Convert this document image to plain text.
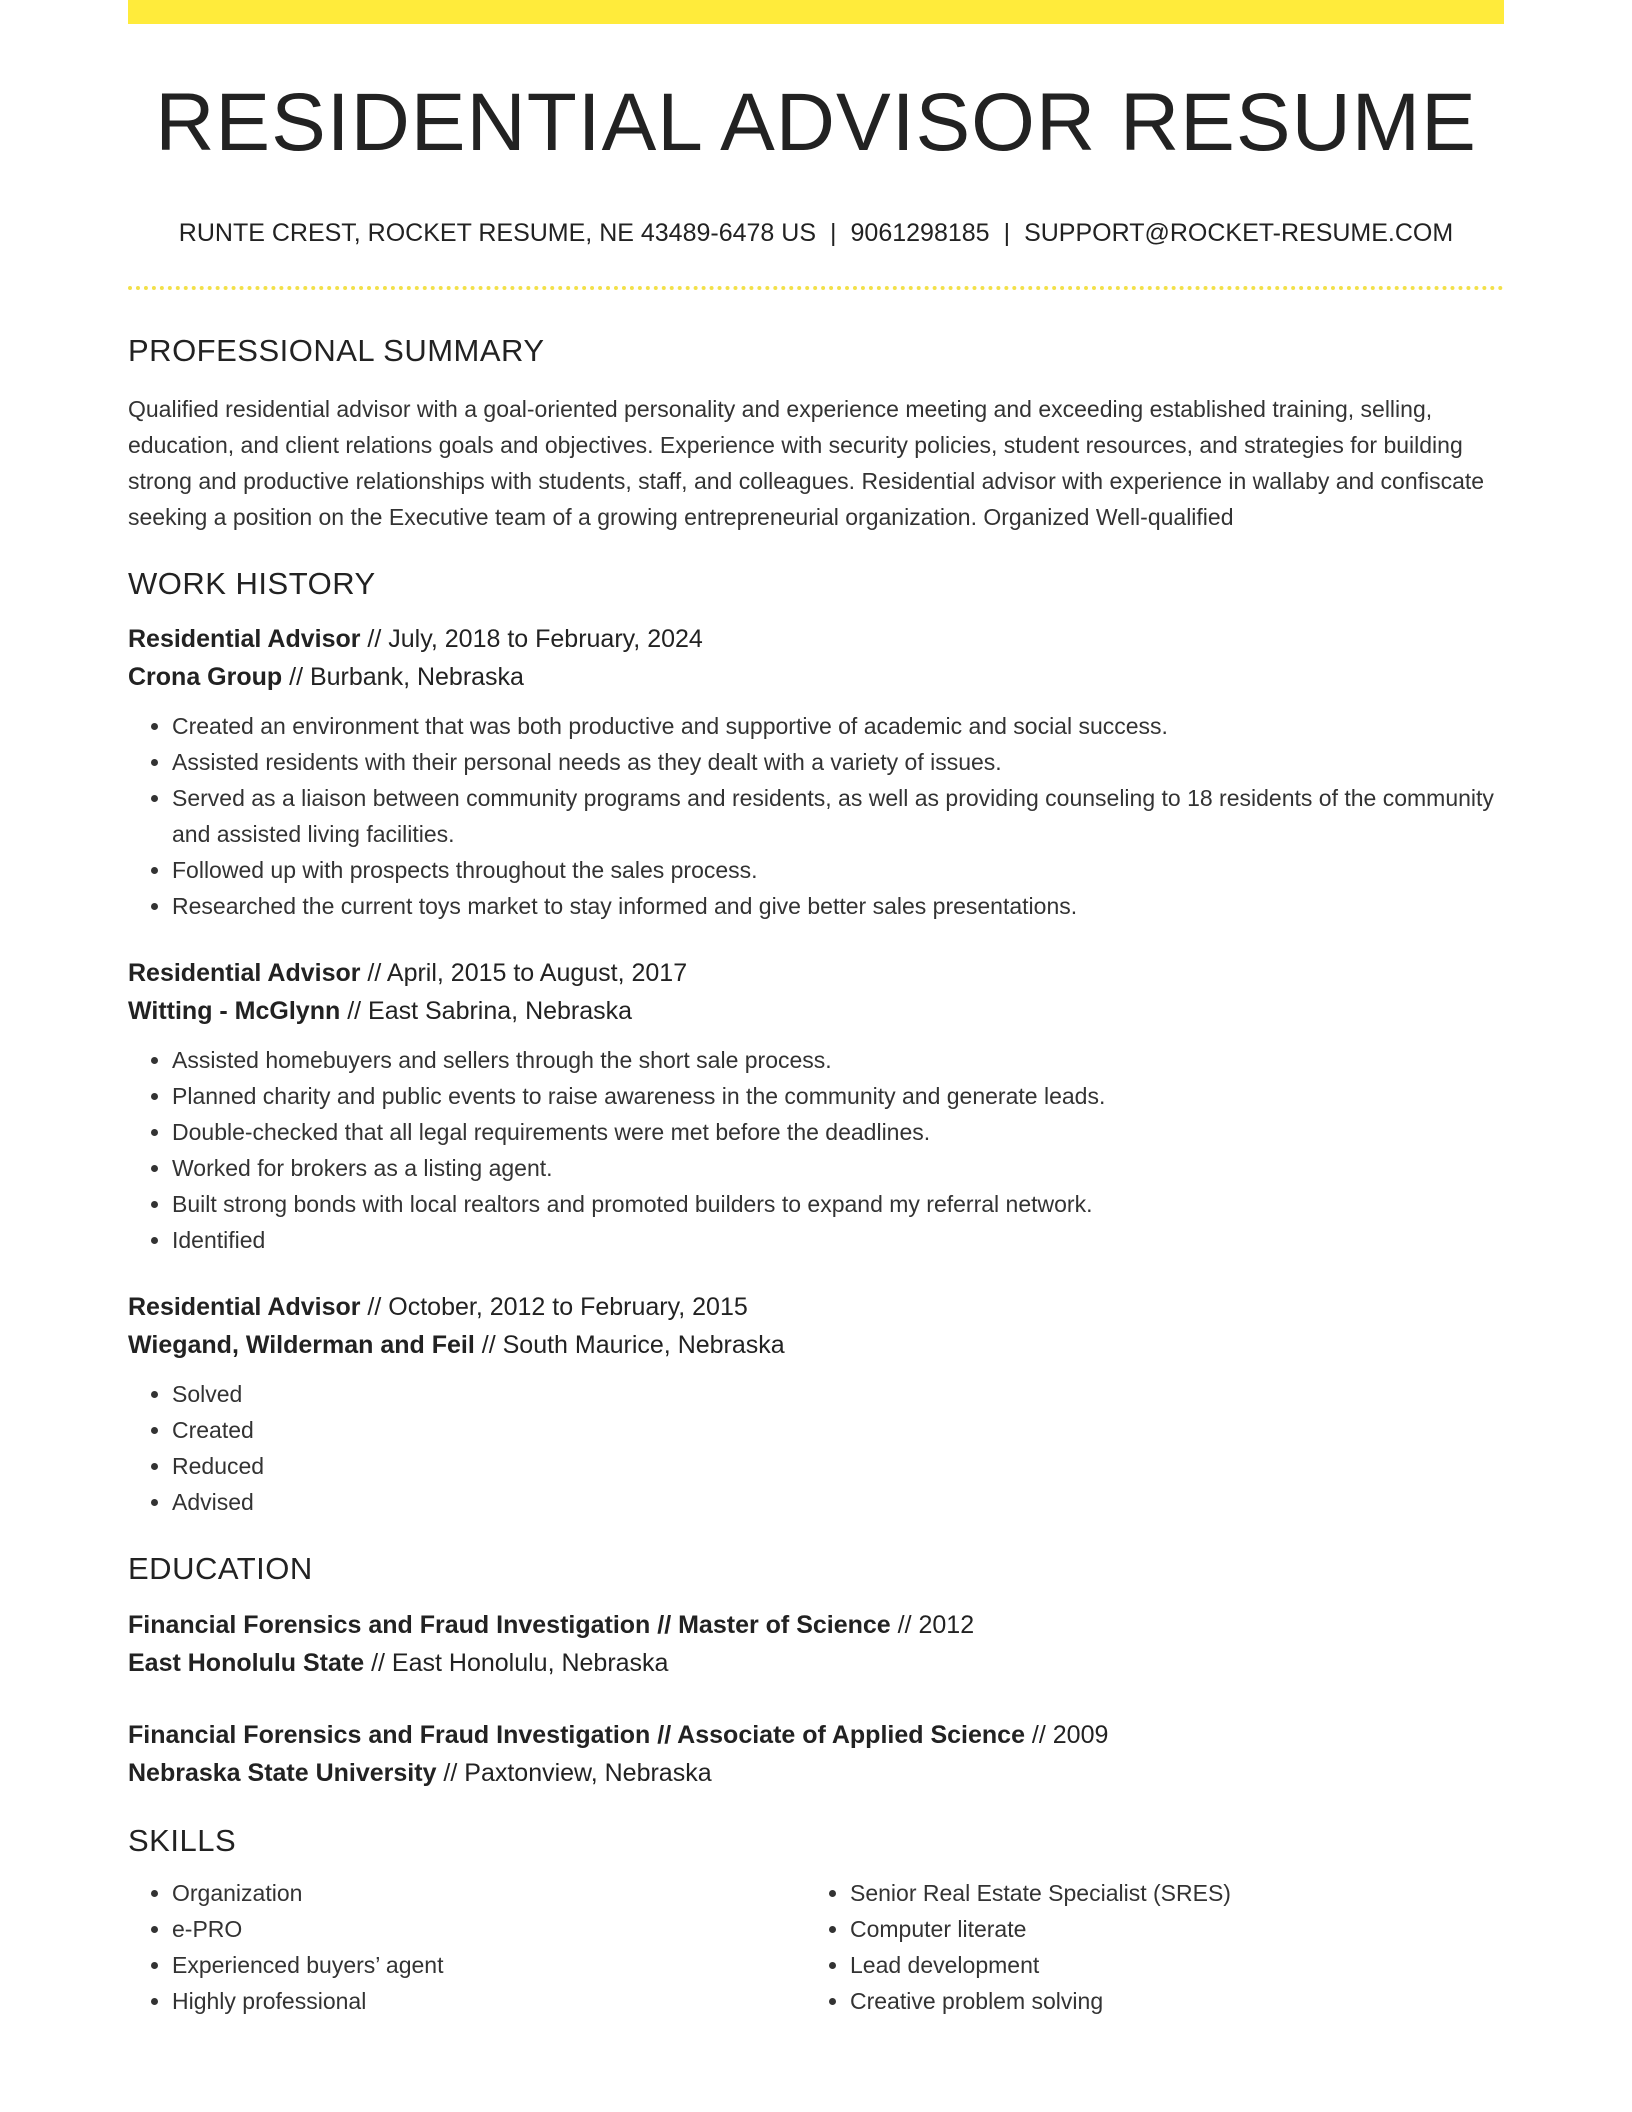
RESIDENTIAL ADVISOR RESUME
RUNTE CREST, ROCKET RESUME, NE 43489-6478 US | 9061298185 | SUPPORT@ROCKET-RESUME.COM
PROFESSIONAL SUMMARY
Qualified residential advisor with a goal-oriented personality and experience meeting and exceeding established training, selling, education, and client relations goals and objectives. Experience with security policies, student resources, and strategies for building strong and productive relationships with students, staff, and colleagues. Residential advisor with experience in wallaby and confiscate seeking a position on the Executive team of a growing entrepreneurial organization. Organized Well-qualified
WORK HISTORY
Residential Advisor // July, 2018 to February, 2024
Crona Group // Burbank, Nebraska
• Created an environment that was both productive and supportive of academic and social success.
• Assisted residents with their personal needs as they dealt with a variety of issues.
• Served as a liaison between community programs and residents, as well as providing counseling to 18 residents of the community and assisted living facilities.
• Followed up with prospects throughout the sales process.
• Researched the current toys market to stay informed and give better sales presentations.
Residential Advisor // April, 2015 to August, 2017
Witting - McGlynn // East Sabrina, Nebraska
• Assisted homebuyers and sellers through the short sale process.
• Planned charity and public events to raise awareness in the community and generate leads.
• Double-checked that all legal requirements were met before the deadlines.
• Worked for brokers as a listing agent.
• Built strong bonds with local realtors and promoted builders to expand my referral network.
• Identified
Residential Advisor // October, 2012 to February, 2015
Wiegand, Wilderman and Feil // South Maurice, Nebraska
• Solved
• Created
• Reduced
• Advised
EDUCATION
Financial Forensics and Fraud Investigation // Master of Science // 2012
East Honolulu State // East Honolulu, Nebraska
Financial Forensics and Fraud Investigation // Associate of Applied Science // 2009
Nebraska State University // Paxtonview, Nebraska
SKILLS
• Organization
• e-PRO
• Experienced buyers’ agent
• Highly professional
• Senior Real Estate Specialist (SRES)
• Computer literate
• Lead development
• Creative problem solving
